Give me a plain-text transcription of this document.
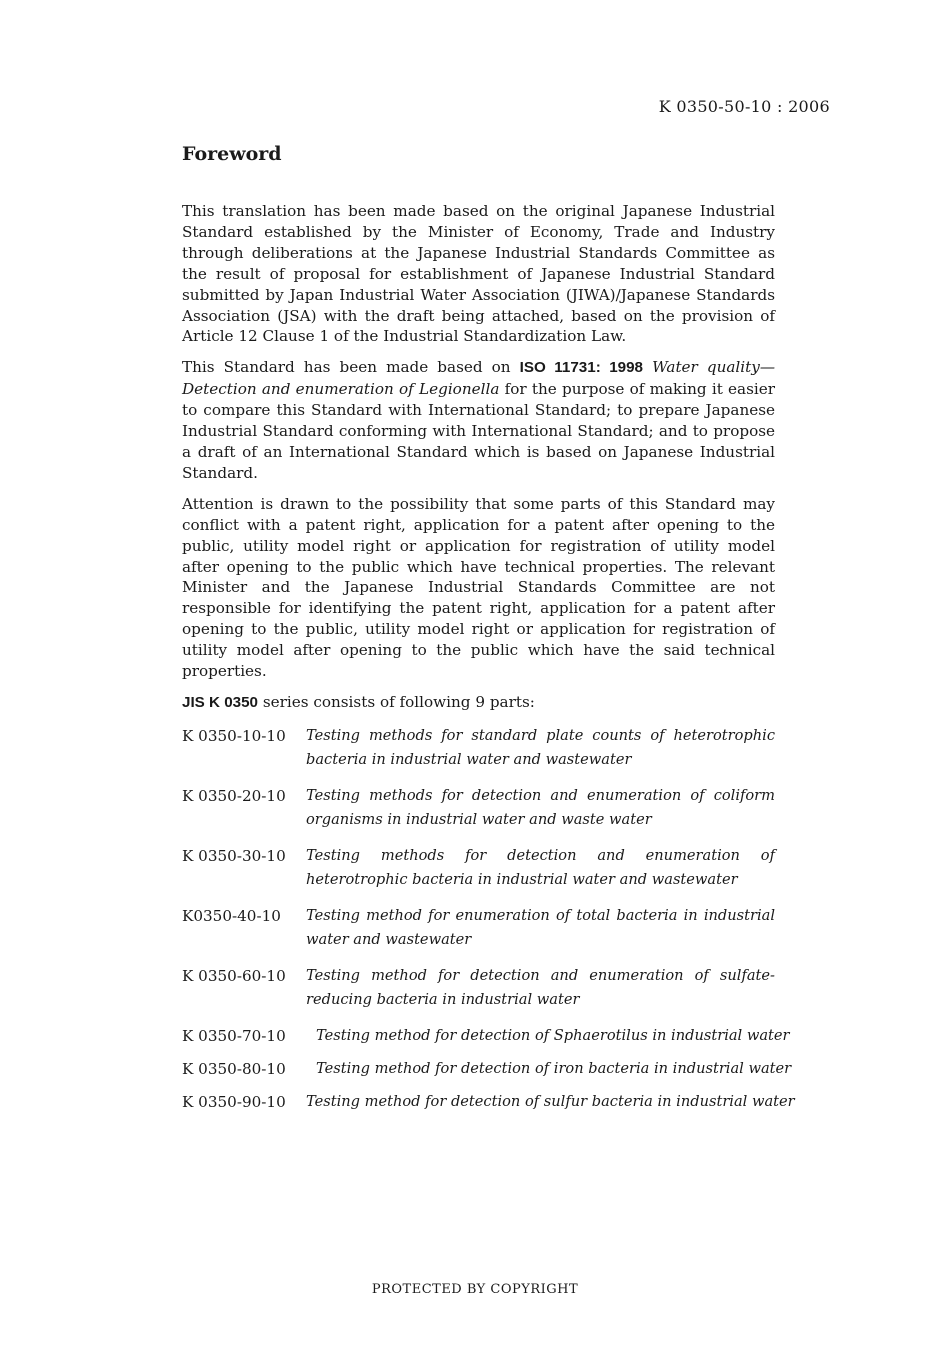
K 0350-50-10 : 2006
Foreword

This translation has been made based on the original Japanese Industrial Standard established by the Minister of Economy, Trade and Industry through deliberations at the Japanese Industrial Standards Committee as the result of proposal for establishment of Japanese Industrial Standard submitted by Japan Industrial Water Association (JIWA)/Japanese Standards Association (JSA) with the draft being attached, based on the provision of Article 12 Clause 1 of the Industrial Standardization Law.

This Standard has been made based on ISO 11731: 1998 Water quality—Detection and enumeration of Legionella for the purpose of making it easier to compare this Standard with International Standard; to prepare Japanese Industrial Standard conforming with International Standard; and to propose a draft of an International Standard which is based on Japanese Industrial Standard.

Attention is drawn to the possibility that some parts of this Standard may conflict with a patent right, application for a patent after opening to the public, utility model right or application for registration of utility model after opening to the public which have technical properties. The relevant Minister and the Japanese Industrial Standards Committee are not responsible for identifying the patent right, application for a patent after opening to the public, utility model right or application for registration of utility model after opening to the public which have the said technical properties.

JIS K 0350 series consists of following 9 parts:

K 0350-10-10	Testing methods for standard plate counts of heterotrophic bacteria in industrial water and wastewater
K 0350-20-10	Testing methods for detection and enumeration of coliform organisms in industrial water and waste water
K 0350-30-10	Testing methods for detection and enumeration of heterotrophic bacteria in industrial water and wastewater
K0350-40-10	Testing method for enumeration of total bacteria in industrial water and wastewater
K 0350-60-10	Testing method for detection and enumeration of sulfate-reducing bacteria in industrial water
K 0350-70-10	Testing method for detection of Sphaerotilus in industrial water
K 0350-80-10	Testing method for detection of iron bacteria in industrial water
K 0350-90-10	Testing method for detection of sulfur bacteria in industrial water
PROTECTED BY COPYRIGHT
